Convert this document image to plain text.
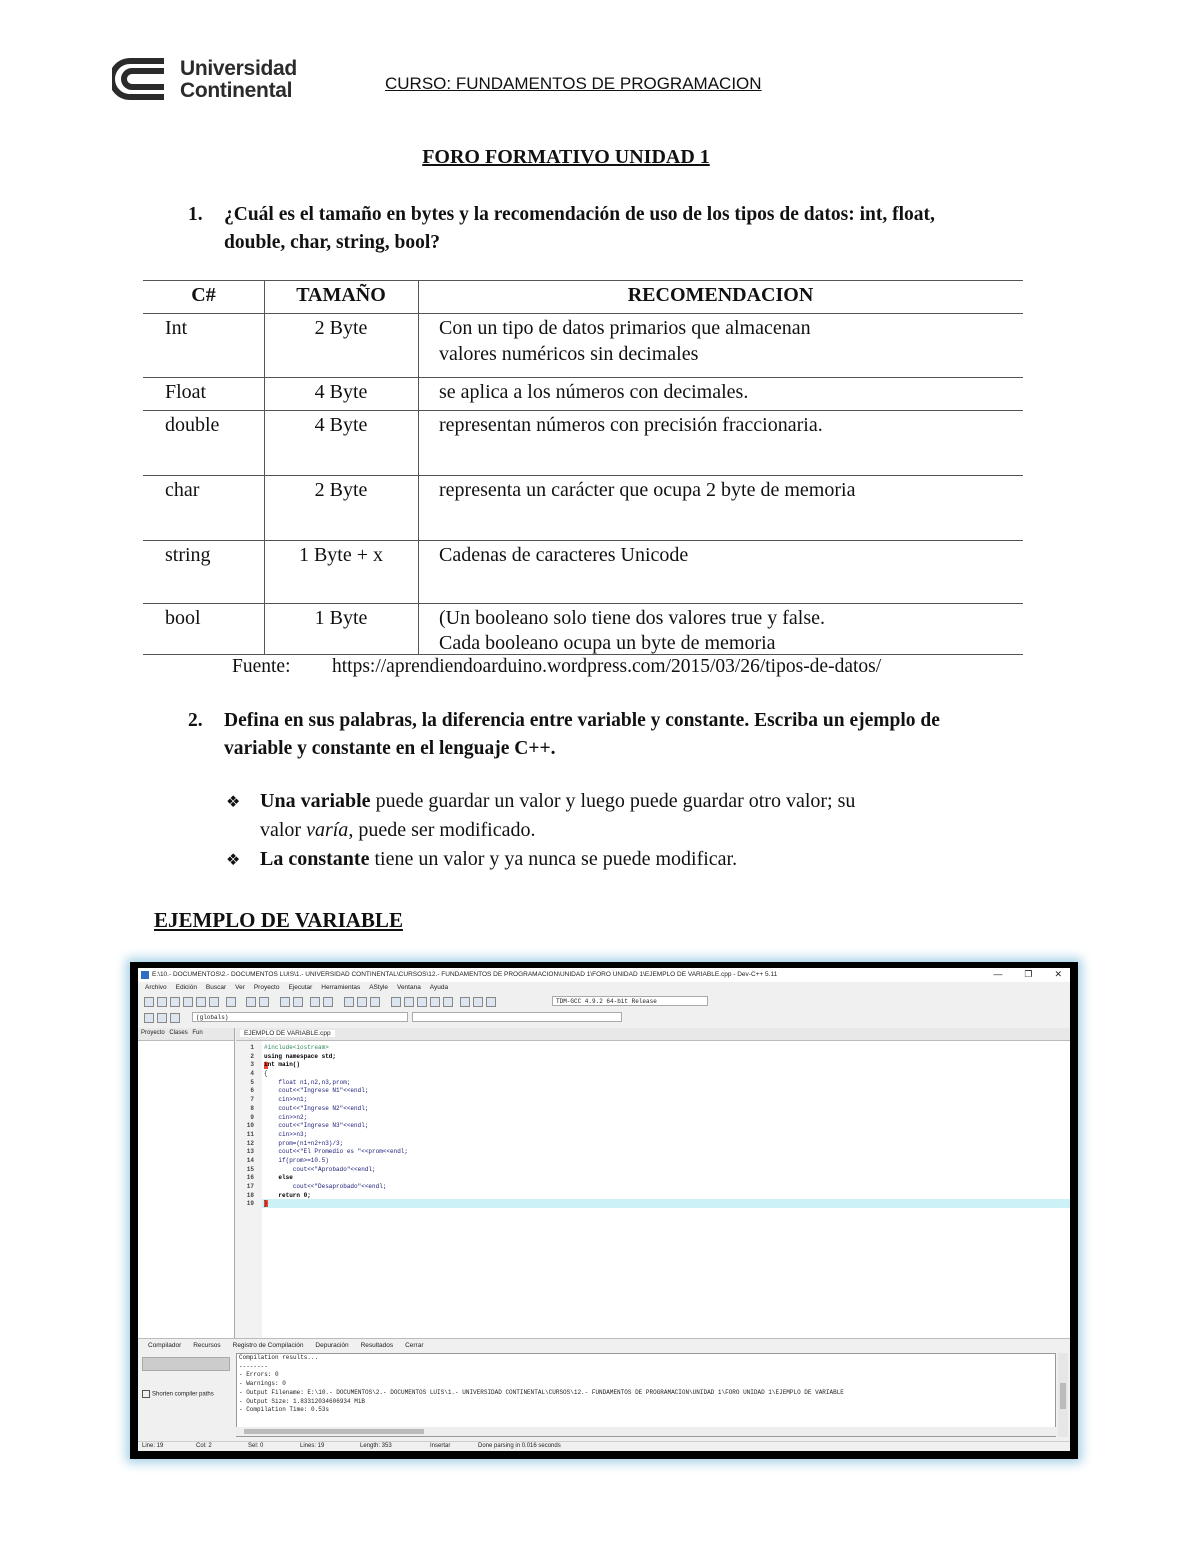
Universidad
Continental	CURSO: FUNDAMENTOS DE PROGRAMACION
FORO FORMATIVO UNIDAD 1
1. ¿Cuál es el tamaño en bytes y la recomendación de uso de los tipos de datos: int, float, double, char, string, bool?
C#	TAMAÑO	RECOMENDACION
Int	2 Byte	Con un tipo de datos primarios que almacenan
valores numéricos sin decimales
Float	4 Byte	se aplica a los números con decimales.
double	4 Byte	representan números con precisión fraccionaria.
char	2 Byte	representa un carácter que ocupa 2 byte de memoria
string	1 Byte + x	Cadenas de caracteres Unicode
bool	1 Byte	(Un booleano solo tiene dos valores true y false.
Cada booleano ocupa un byte de memoria
Fuente: https://aprendiendoarduino.wordpress.com/2015/03/26/tipos-de-datos/
2. Defina en sus palabras, la diferencia entre variable y constante. Escriba un ejemplo de variable y constante en el lenguaje C++.
❖ Una variable puede guardar un valor y luego puede guardar otro valor; su valor varía, puede ser modificado.
❖ La constante tiene un valor y ya nunca se puede modificar.
EJEMPLO DE VARIABLE
E:\10.- DOCUMENTOS\2.- DOCUMENTOS LUIS\1.- UNIVERSIDAD CONTINENTAL\CURSOS\12.- FUNDAMENTOS DE PROGRAMACION\UNIDAD 1\FORO UNIDAD 1\EJEMPLO DE VARIABLE.cpp - Dev-C++ 5.11	— ❐ ✕
Archivo Edición Buscar Ver Proyecto Ejecutar Herramientas AStyle Ventana Ayuda
TDM-GCC 4.9.2 64-bit Release
(globals)
Proyecto Clases Fun	EJEMPLO DE VARIABLE.cpp
1 #include<iostream>
2 using namespace std;
3 int main()
4 {
5 float n1,n2,n3,prom;
6 cout<<"Ingrese N1"<<endl;
7 cin>>n1;
8 cout<<"Ingrese N2"<<endl;
9 cin>>n2;
10 cout<<"Ingrese N3"<<endl;
11 cin>>n3;
12 prom=(n1+n2+n3)/3;
13 cout<<"El Promedio es "<<prom<<endl;
14 if(prom>=10.5)
15 cout<<"Aprobado"<<endl;
16 else
17 cout<<"Desaprobado"<<endl;
18 return 0;
19 }
Compilador Recursos Registro de Compilación Depuración Resultados Cerrar
Shorten compiler paths
Compilation results...
--------
- Errors: 0
- Warnings: 0
- Output Filename: E:\10.- DOCUMENTOS\2.- DOCUMENTOS LUIS\1.- UNIVERSIDAD CONTINENTAL\CURSOS\12.- FUNDAMENTOS DE PROGRAMACION\UNIDAD 1\FORO UNIDAD 1\EJEMPLO DE VARIABLE
- Output Size: 1.83312034606934 MiB
- Compilation Time: 0.53s
Line: 19	Col: 2	Sel: 0	Lines: 19	Length: 353	Insertar	Done parsing in 0.016 seconds
